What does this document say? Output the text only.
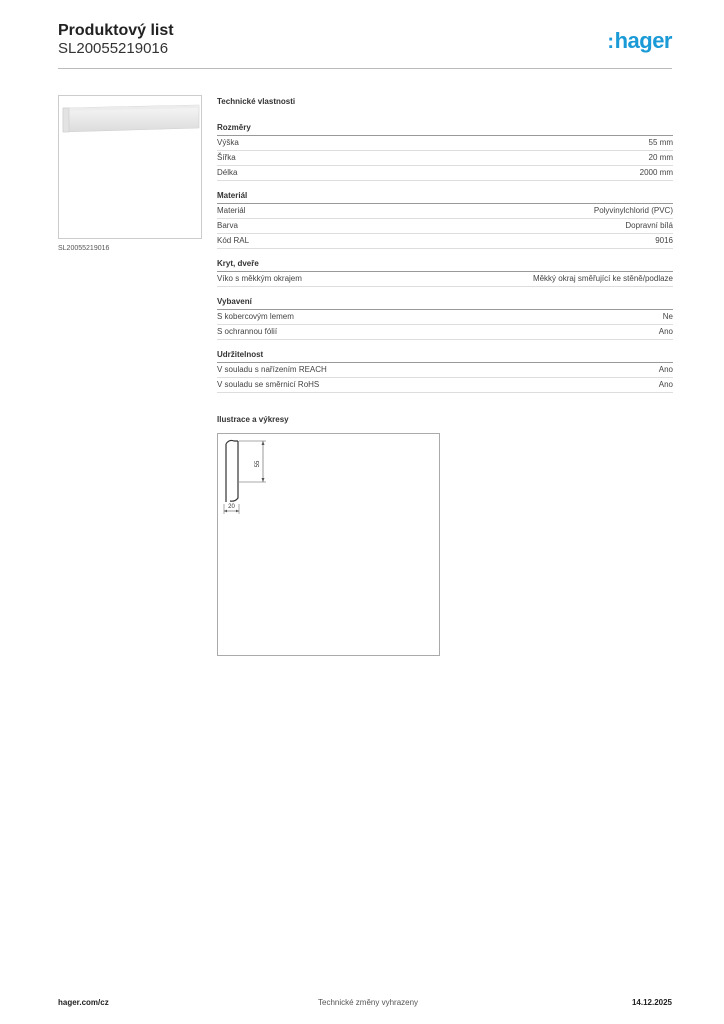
Produktový list
SL20055219016	:hager
SL20055219016
Technické vlastnosti
Rozměry
Výška	55 mm
Šířka	20 mm
Délka	2000 mm
Materiál
Materiál	Polyvinylchlorid (PVC)
Barva	Dopravní bílá
Kód RAL	9016
Kryt, dveře
Víko s měkkým okrajem	Měkký okraj směřující ke stěně/podlaze
Vybavení
S kobercovým lemem	Ne
S ochrannou fólií	Ano
Udržitelnost
V souladu s nařízením REACH	Ano
V souladu se směrnicí RoHS	Ano
Ilustrace a výkresy
55
20
hager.com/cz	Technické změny vyhrazeny	14.12.2025
